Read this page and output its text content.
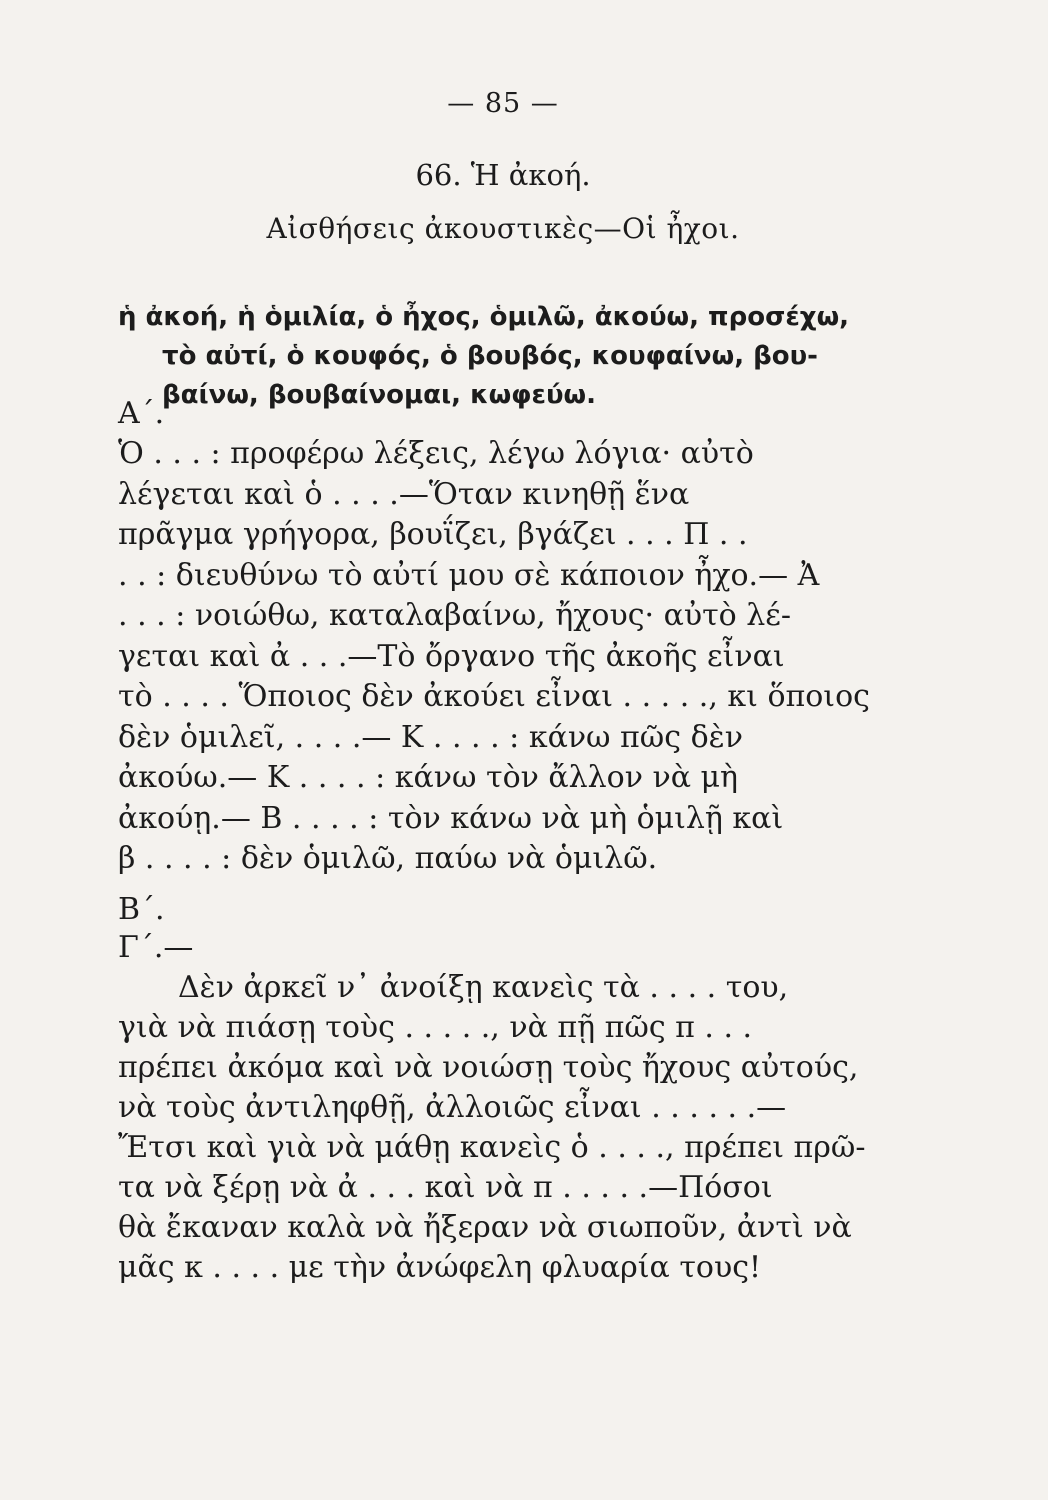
— 85 —
66. Ἡ ἀκοή.
Αἰσθήσεις ἀκουστικὲς—Οἱ ἦχοι.
ἡ ἀκοή, ἡ ὁμιλία, ὁ ἦχος, ὁμιλῶ, ἀκούω, προσέχω,
τὸ αὐτί, ὁ κουφός, ὁ βουβός, κουφαίνω, βου-
βαίνω, βουβαίνομαι, κωφεύω.
Α΄.
Ὁ . . . : προφέρω λέξεις, λέγω λόγια· αὐτὸ
λέγεται καὶ ὁ . . . .—Ὅταν κινηθῇ ἕνα
πρᾶγμα γρήγορα, βουΐζει, βγάζει . . . Π . .
. . : διευθύνω τὸ αὐτί μου σὲ κάποιον ἦχο.— Ἀ
. . . : νοιώθω, καταλαβαίνω, ἤχους· αὐτὸ λέ-
γεται καὶ ἀ . . .—Τὸ ὄργανο τῆς ἀκοῆς εἶναι
τὸ . . . . Ὅποιος δὲν ἀκούει εἶναι . . . . ., κι ὅποιος
δὲν ὁμιλεῖ, . . . .— Κ . . . . : κάνω πῶς δὲν
ἀκούω.— Κ . . . . : κάνω τὸν ἄλλον νὰ μὴ
ἀκούῃ.— Β . . . . : τὸν κάνω νὰ μὴ ὁμιλῇ καὶ
β . . . . : δὲν ὁμιλῶ, παύω νὰ ὁμιλῶ.
Β΄.
Γ΄.—
Δὲν ἀρκεῖ ν᾽ ἀνοίξῃ κανεὶς τὰ . . . . του,
γιὰ νὰ πιάσῃ τοὺς . . . . ., νὰ πῇ πῶς π . . .
πρέπει ἀκόμα καὶ νὰ νοιώσῃ τοὺς ἤχους αὐτούς,
νὰ τοὺς ἀντιληφθῇ, ἀλλοιῶς εἶναι . . . . . .—
Ἔτσι καὶ γιὰ νὰ μάθῃ κανεὶς ὁ . . . ., πρέπει πρῶ-
τα νὰ ξέρῃ νὰ ἀ . . . καὶ νὰ π . . . . .—Πόσοι
θὰ ἔκαναν καλὰ νὰ ἤξεραν νὰ σιωποῦν, ἀντὶ νὰ
μᾶς κ . . . . με τὴν ἀνώφελη φλυαρία τους!
